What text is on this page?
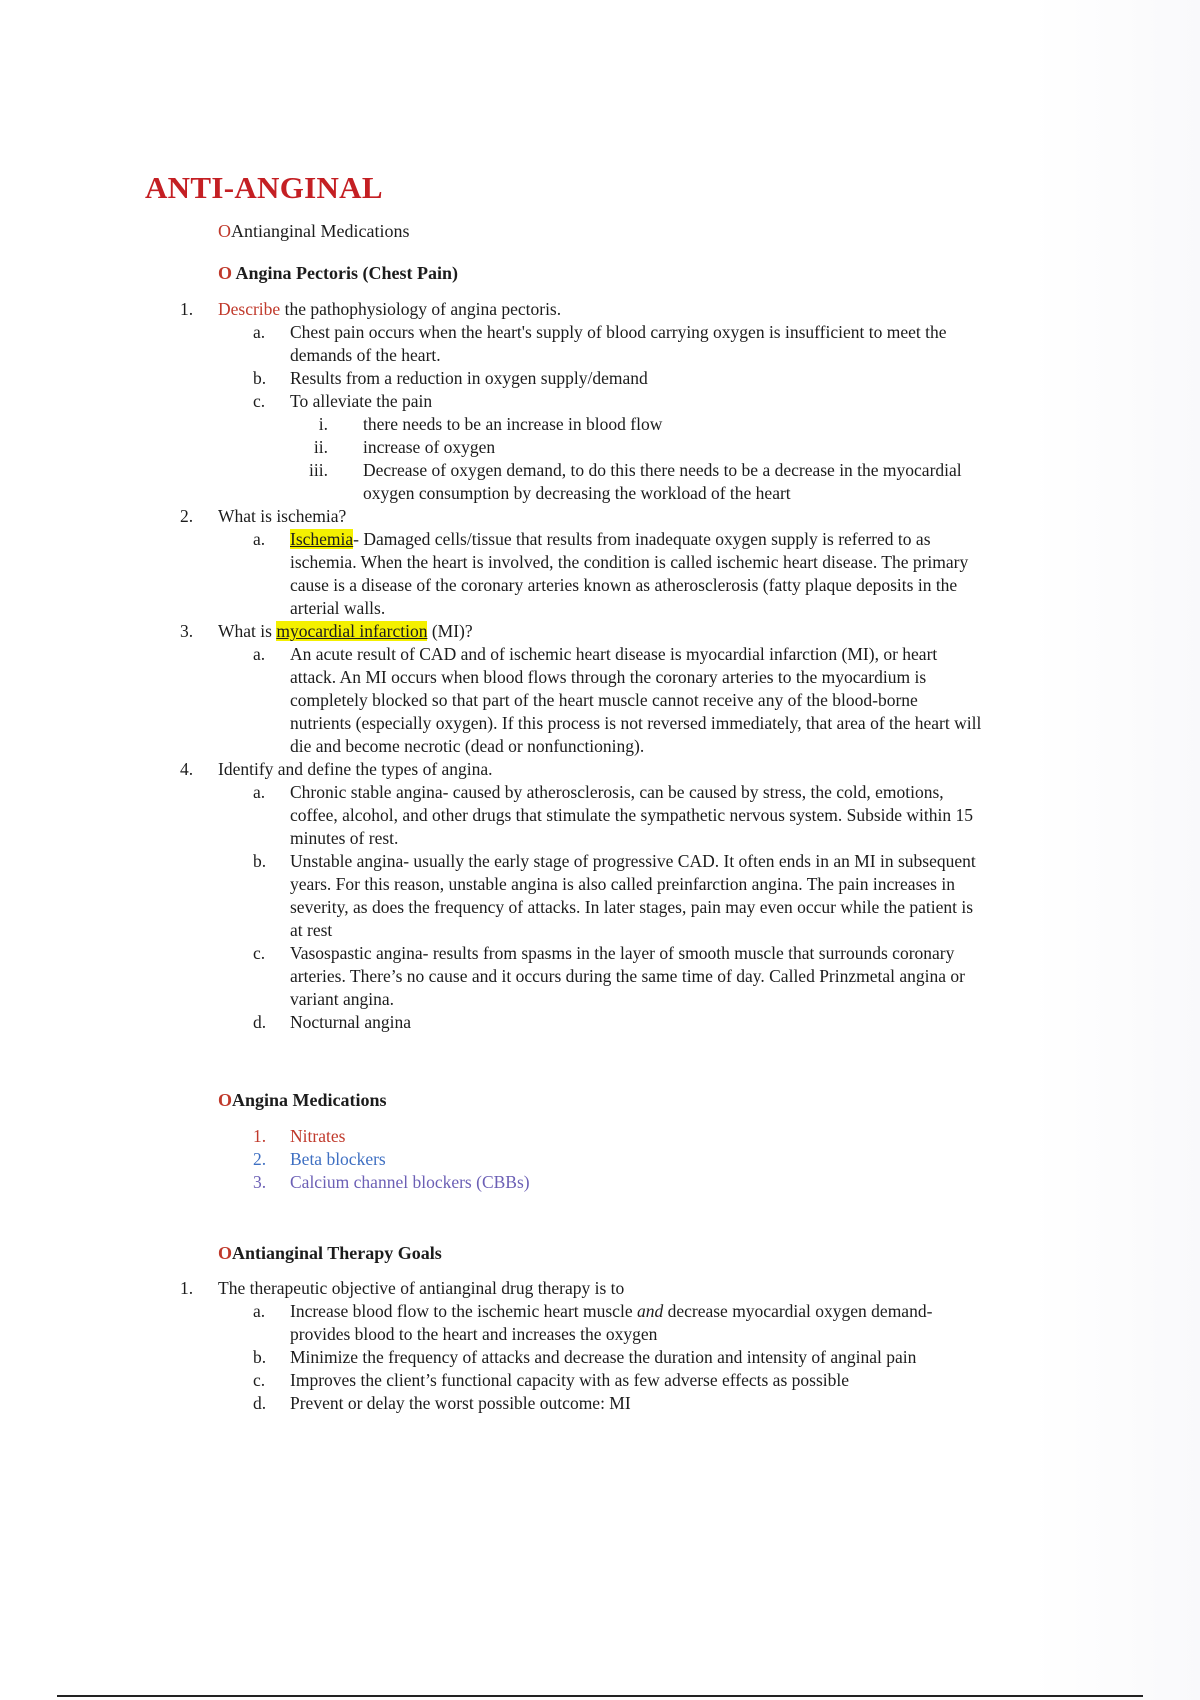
ANTI-ANGINAL
OAntianginal Medications
O Angina Pectoris (Chest Pain)
1. Describe the pathophysiology of angina pectoris.
a. Chest pain occurs when the heart's supply of blood carrying oxygen is insufficient to meet the
demands of the heart.
b. Results from a reduction in oxygen supply/demand
c. To alleviate the pain
i. there needs to be an increase in blood flow
ii. increase of oxygen
iii. Decrease of oxygen demand, to do this there needs to be a decrease in the myocardial
oxygen consumption by decreasing the workload of the heart
2. What is ischemia?
a. Ischemia- Damaged cells/tissue that results from inadequate oxygen supply is referred to as
ischemia. When the heart is involved, the condition is called ischemic heart disease. The primary
cause is a disease of the coronary arteries known as atherosclerosis (fatty plaque deposits in the
arterial walls.
3. What is myocardial infarction (MI)?
a. An acute result of CAD and of ischemic heart disease is myocardial infarction (MI), or heart
attack. An MI occurs when blood flows through the coronary arteries to the myocardium is
completely blocked so that part of the heart muscle cannot receive any of the blood-borne
nutrients (especially oxygen). If this process is not reversed immediately, that area of the heart will
die and become necrotic (dead or nonfunctioning).
4. Identify and define the types of angina.
a. Chronic stable angina- caused by atherosclerosis, can be caused by stress, the cold, emotions,
coffee, alcohol, and other drugs that stimulate the sympathetic nervous system. Subside within 15
minutes of rest.
b. Unstable angina- usually the early stage of progressive CAD. It often ends in an MI in subsequent
years. For this reason, unstable angina is also called preinfarction angina. The pain increases in
severity, as does the frequency of attacks. In later stages, pain may even occur while the patient is
at rest
c. Vasospastic angina- results from spasms in the layer of smooth muscle that surrounds coronary
arteries. There’s no cause and it occurs during the same time of day. Called Prinzmetal angina or
variant angina.
d. Nocturnal angina
OAngina Medications
1. Nitrates
2. Beta blockers
3. Calcium channel blockers (CBBs)
OAntianginal Therapy Goals
1. The therapeutic objective of antianginal drug therapy is to
a. Increase blood flow to the ischemic heart muscle and decrease myocardial oxygen demand-
provides blood to the heart and increases the oxygen
b. Minimize the frequency of attacks and decrease the duration and intensity of anginal pain
c. Improves the client’s functional capacity with as few adverse effects as possible
d. Prevent or delay the worst possible outcome: MI
